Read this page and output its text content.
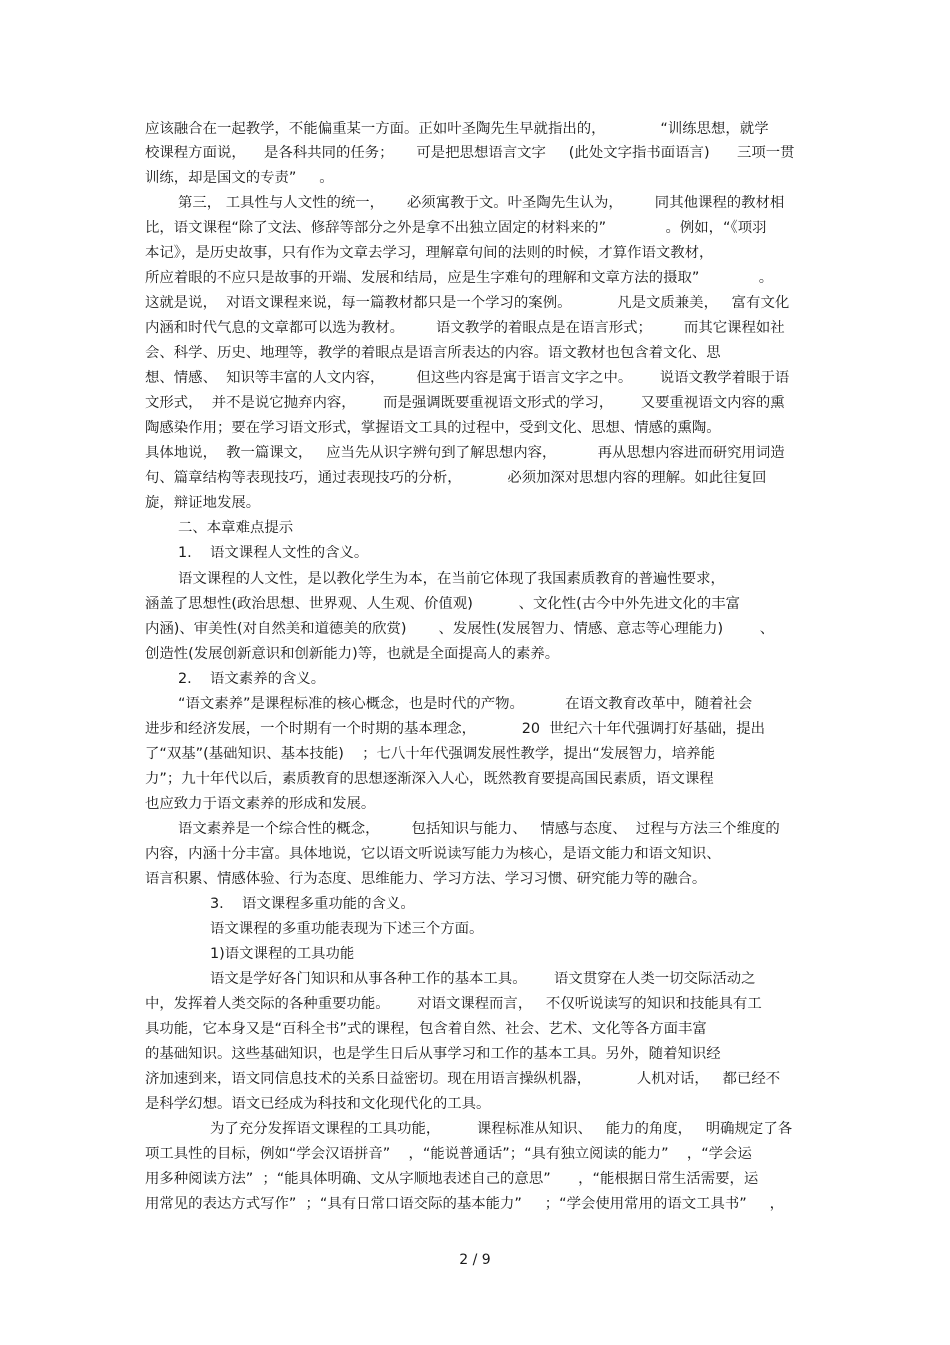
应该融合在一起教学，不能偏重某一方面。正如叶圣陶先生早就指出的，            “训练思想，就学
校课程方面说，    是各科共同的任务；     可是把思想语言文字     (此处文字指书面语言)      三项一贯
训练，却是国文的专责”     。
第三， 工具性与人文性的统一，     必须寓教于文。叶圣陶先生认为，       同其他课程的教材相
比，语文课程“除了文法、修辞等部分之外是拿不出独立固定的材料来的”             。例如，“《项羽
本记》，是历史故事，只有作为文章去学习，理解章句间的法则的时候，才算作语文教材，
所应着眼的不应只是故事的开端、发展和结局，应是生字难句的理解和文章方法的摄取”             。
这就是说，  对语文课程来说，每一篇教材都只是一个学习的案例。          凡是文质兼美，   富有文化
内涵和时代气息的文章都可以选为教材。       语文教学的着眼点是在语言形式；       而其它课程如社
会、科学、历史、地理等，教学的着眼点是语言所表达的内容。语文教材也包含着文化、思
想、情感、  知识等丰富的人文内容，       但这些内容是寓于语言文字之中。      说语文教学着眼于语
文形式，  并不是说它抛弃内容，      而是强调既要重视语文形式的学习，      又要重视语文内容的熏
陶感染作用；要在学习语文形式，掌握语文工具的过程中，受到文化、思想、情感的熏陶。
具体地说，  教一篇课文，   应当先从识字辨句到了解思想内容，         再从思想内容进而研究用词造
句、篇章结构等表现技巧，通过表现技巧的分析，          必须加深对思想内容的理解。如此往复回
旋，辩证地发展。
二、本章难点提示
1.    语文课程人文性的含义。
语文课程的人文性，是以教化学生为本，在当前它体现了我国素质教育的普遍性要求，
涵盖了思想性(政治思想、世界观、人生观、价值观)          、文化性(古今中外先进文化的丰富
内涵)、审美性(对自然美和道德美的欣赏)       、发展性(发展智力、情感、意志等心理能力)        、
创造性(发展创新意识和创新能力)等，也就是全面提高人的素养。
2.    语文素养的含义。
“语文素养”是课程标准的核心概念，也是时代的产物。         在语文教育改革中，随着社会
进步和经济发展，一个时期有一个时期的基本理念，          20  世纪六十年代强调打好基础，提出
了“双基”(基础知识、基本技能)    ；七八十年代强调发展性教学，提出“发展智力，培养能
力”；九十年代以后，素质教育的思想逐渐深入人心，既然教育要提高国民素质，语文课程
也应致力于语文素养的形成和发展。
语文素养是一个综合性的概念，       包括知识与能力、   情感与态度、  过程与方法三个维度的
内容，内涵十分丰富。具体地说，它以语文听说读写能力为核心，是语文能力和语文知识、
语言积累、情感体验、行为态度、思维能力、学习方法、学习习惯、研究能力等的融合。
3.    语文课程多重功能的含义。
语文课程的多重功能表现为下述三个方面。
1)语文课程的工具功能
语文是学好各门知识和从事各种工作的基本工具。      语文贯穿在人类一切交际活动之
中，发挥着人类交际的各种重要功能。      对语文课程而言，   不仅听说读写的知识和技能具有工
具功能，它本身又是“百科全书”式的课程，包含着自然、社会、艺术、文化等各方面丰富
的基础知识。这些基础知识，也是学生日后从事学习和工作的基本工具。另外，随着知识经
济加速到来，语文同信息技术的关系日益密切。现在用语言操纵机器，          人机对话，   都已经不
是科学幻想。语文已经成为科技和文化现代化的工具。
为了充分发挥语文课程的工具功能，        课程标准从知识、   能力的角度，   明确规定了各
项工具性的目标，例如“学会汉语拼音”    ，“能说普通话”；“具有独立阅读的能力”    ，“学会运
用多种阅读方法”  ；“能具体明确、文从字顺地表述自己的意思”      ，“能根据日常生活需要，运
用常见的表达方式写作”  ；“具有日常口语交际的基本能力”     ；“学会使用常用的语文工具书”     ，
2 / 9
